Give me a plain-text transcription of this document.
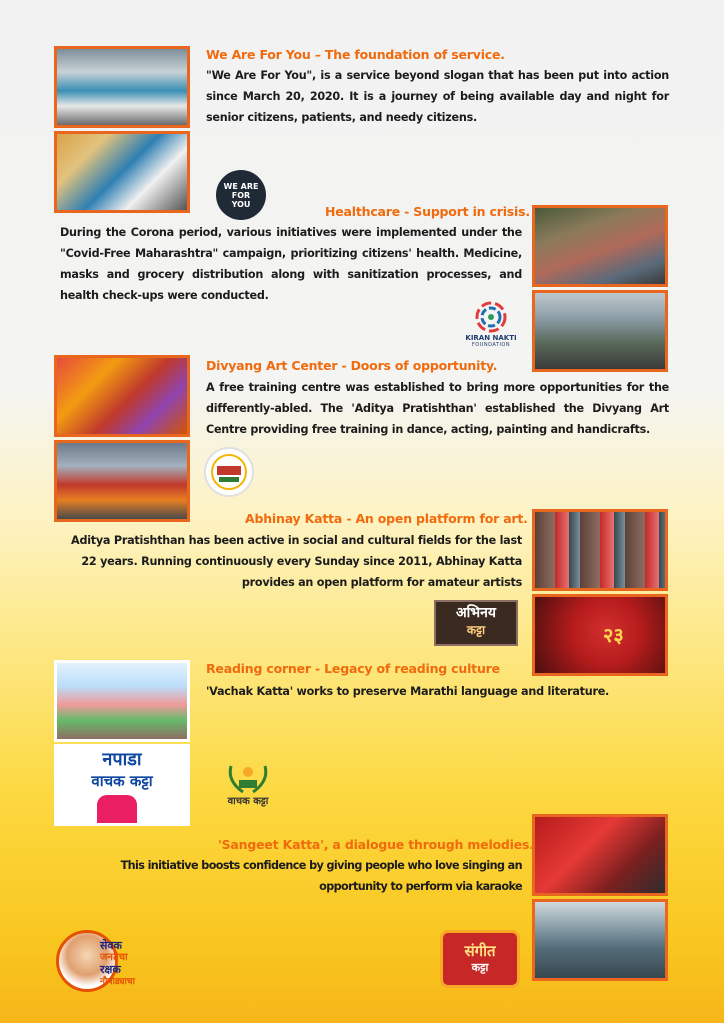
We Are For You – The foundation of service.
"We Are For You", is a service beyond slogan that has been put into action since March 20, 2020. It is a journey of being available day and night for senior citizens, patients, and needy citizens.
WE ARE
FOR
YOU	Healthcare - Support in crisis.
During the Corona period, various initiatives were implemented under the "Covid-Free Maharashtra" campaign, prioritizing citizens' health. Medicine, masks and grocery distribution along with sanitization processes, and health check-ups were conducted.
KIRAN NAKTI
FOUNDATION
Divyang Art Center - Doors of opportunity.
A free training centre was established to bring more opportunities for the differently-abled. The 'Aditya Pratishthan' established the Divyang Art Centre providing free training in dance, acting, painting and handicrafts.
Abhinay Katta - An open platform for art.
Aditya Pratishthan has been active in social and cultural fields for the last 22 years. Running continuously every Sunday since 2011, Abhinay Katta provides an open platform for amateur artists
२३
अभिनय
कट्टा
नपाडा
वाचक कट्टा
Reading corner - Legacy of reading culture
'Vachak Katta' works to preserve Marathi language and literature.
वाचक कट्टा
'Sangeet Katta', a dialogue through melodies.
This initiative boosts confidence by giving people who love singing an opportunity to perform via karaoke
संगीत
कट्टा
सेवक
जनतेचा
रक्षक
नौपाड्याचा
